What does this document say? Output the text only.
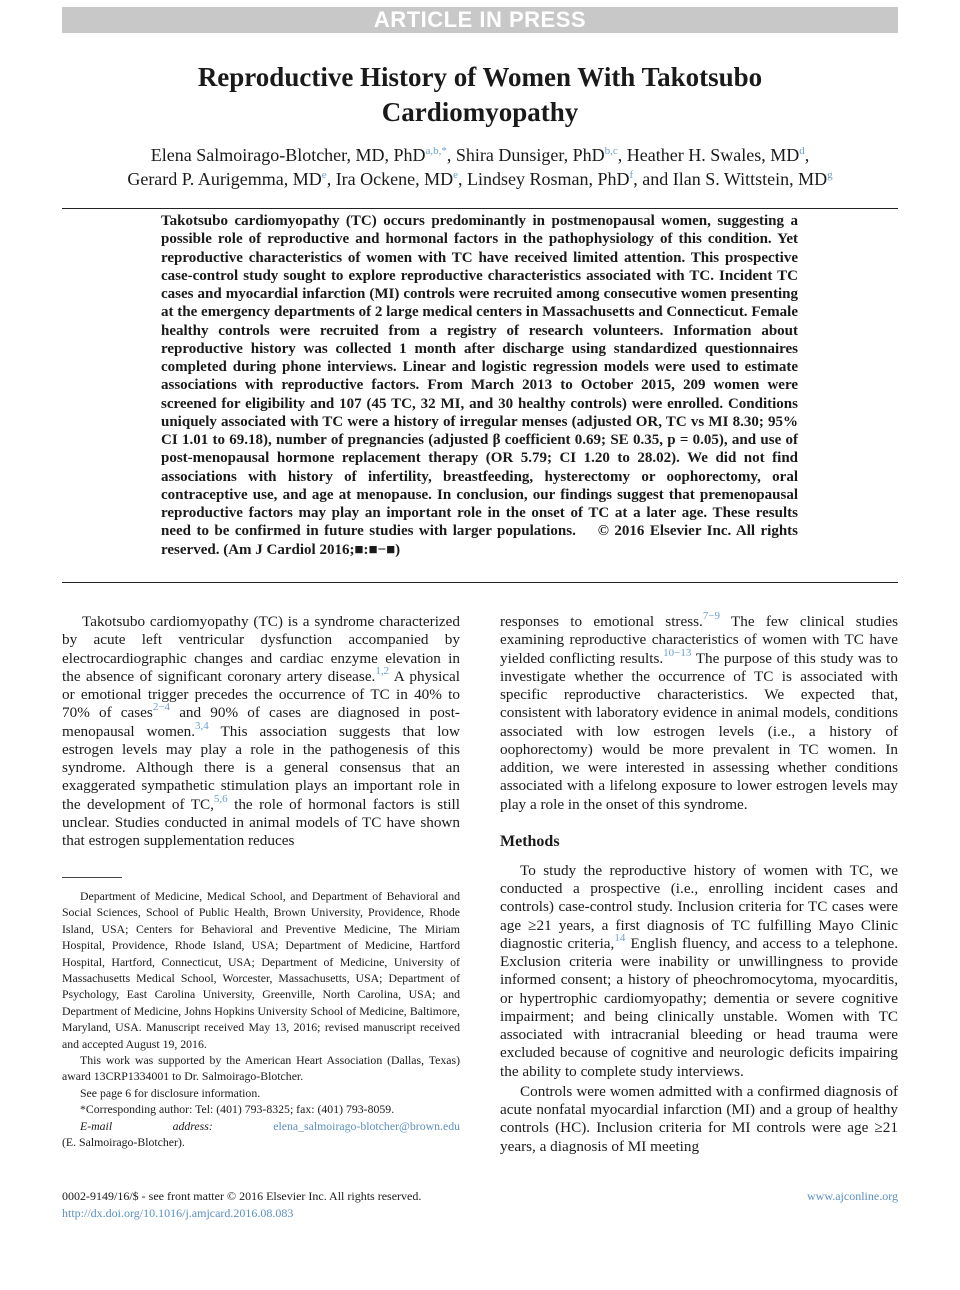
ARTICLE IN PRESS
Reproductive History of Women With Takotsubo
Cardiomyopathy
Elena Salmoirago-Blotcher, MD, PhD$^{a,b,*}$, Shira Dunsiger, PhD$^{b,c}$, Heather H. Swales, $MD^d$,
Gerard P. Aurigemma, MDe, Ira Ockene, MDe, Lindsey Rosman, PhD$^f$, and Ilan S. Wittstein, $MD^g$

Takotsubo cardiomyopathy (TC) occurs predominantly in postmenopausal women, suggesting a possible role of reproductive and hormonal factors in the pathophysiology of this condition. Yet reproductive characteristics of women with TC have received limited attention. This prospective case-control study sought to explore reproductive characteristics associated with TC. Incident TC cases and myocardial infarction (MI) controls were recruited among consecutive women presenting at the emergency departments of 2 large medical centers in Massachusetts and Connecticut. Female healthy controls were recruited from a registry of research volunteers. Information about reproductive history was collected 1 month after discharge using standardized questionnaires completed during phone interviews. Linear and logistic regression models were used to estimate associations with reproductive factors. From March 2013 to October 2015, 209 women were screened for eligibility and 107 (45 TC, 32 MI, and 30 healthy controls) were enrolled. Conditions uniquely associated with TC were a history of irregular menses (adjusted OR, TC vs MI 8.30; 95% CI 1.01 to 69.18), number of pregnancies (adjusted β coefficient 0.69; SE 0.35, p = 0.05), and use of post-menopausal hormone replacement therapy (OR 5.79; CI 1.20 to 28.02). We did not find associations with history of infertility, breastfeeding, hysterectomy or oophorectomy, oral contraceptive use, and age at menopause. In conclusion, our findings suggest that premenopausal reproductive factors may play an important role in the onset of TC at a later age. These results need to be confirmed in future studies with larger populations. © 2016 Elsevier Inc. All rights reserved. (Am J Cardiol 2016;■:■−■)

Takotsubo cardiomyopathy (TC) is a syndrome characterized by acute left ventricular dysfunction accompanied by electrocardiographic changes and cardiac enzyme elevation in the absence of significant coronary artery disease.$^{1,2}$ A physical or emotional trigger precedes the occurrence of TC in 40% to 70% of cases$^{2-4}$ and 90% of cases are diagnosed in post-menopausal women.$^{3,4}$ This association suggests that low estrogen levels may play a role in the pathogenesis of this syndrome. Although there is a general consensus that an exaggerated sympathetic stimulation plays an important role in the development of TC,$^{5,6}$ the role of hormonal factors is still unclear. Studies conducted in animal models of TC have shown that estrogen supplementation reduces

Department of Medicine, Medical School, and Department of Behavioral and Social Sciences, School of Public Health, Brown University, Providence, Rhode Island, USA; Centers for Behavioral and Preventive Medicine, The Miriam Hospital, Providence, Rhode Island, USA; Department of Medicine, Hartford Hospital, Hartford, Connecticut, USA; Department of Medicine, University of Massachusetts Medical School, Worcester, Massachusetts, USA; Department of Psychology, East Carolina University, Greenville, North Carolina, USA; and Department of Medicine, Johns Hopkins University School of Medicine, Baltimore, Maryland, USA. Manuscript received May 13, 2016; revised manuscript received and accepted August 19, 2016.

This work was supported by the American Heart Association (Dallas, Texas) award 13CRP1334001 to Dr. Salmoirago-Blotcher.

See page 6 for disclosure information.

*Corresponding author: Tel: (401) 793-8325; fax: (401) 793-8059.

E-mail	address:	elena_salmoirago-blotcher@brown.edu
(E. Salmoirago-Blotcher).

responses to emotional stress.$^{7-9}$ The few clinical studies examining reproductive characteristics of women with TC have yielded conflicting results.$^{10-13}$ The purpose of this study was to investigate whether the occurrence of TC is associated with specific reproductive characteristics. We expected that, consistent with laboratory evidence in animal models, conditions associated with low estrogen levels (i.e., a history of oophorectomy) would be more prevalent in TC women. In addition, we were interested in assessing whether conditions associated with a lifelong exposure to lower estrogen levels may play a role in the onset of this syndrome.

Methods

To study the reproductive history of women with TC, we conducted a prospective (i.e., enrolling incident cases and controls) case-control study. Inclusion criteria for TC cases were age ≥21 years, a first diagnosis of TC fulfilling Mayo Clinic diagnostic criteria,$^{14}$ English fluency, and access to a telephone. Exclusion criteria were inability or unwillingness to provide informed consent; a history of pheochromocytoma, myocarditis, or hypertrophic cardiomyopathy; dementia or severe cognitive impairment; and being clinically unstable. Women with TC associated with intracranial bleeding or head trauma were excluded because of cognitive and neurologic deficits impairing the ability to complete study interviews.

Controls were women admitted with a confirmed diagnosis of acute nonfatal myocardial infarction (MI) and a group of healthy controls (HC). Inclusion criteria for MI controls were age ≥21 years, a diagnosis of MI meeting

0002-9149/16/$ - see front matter © 2016 Elsevier Inc. All rights reserved.
http://dx.doi.org/10.1016/j.amjcard.2016.08.083
www.ajconline.org
